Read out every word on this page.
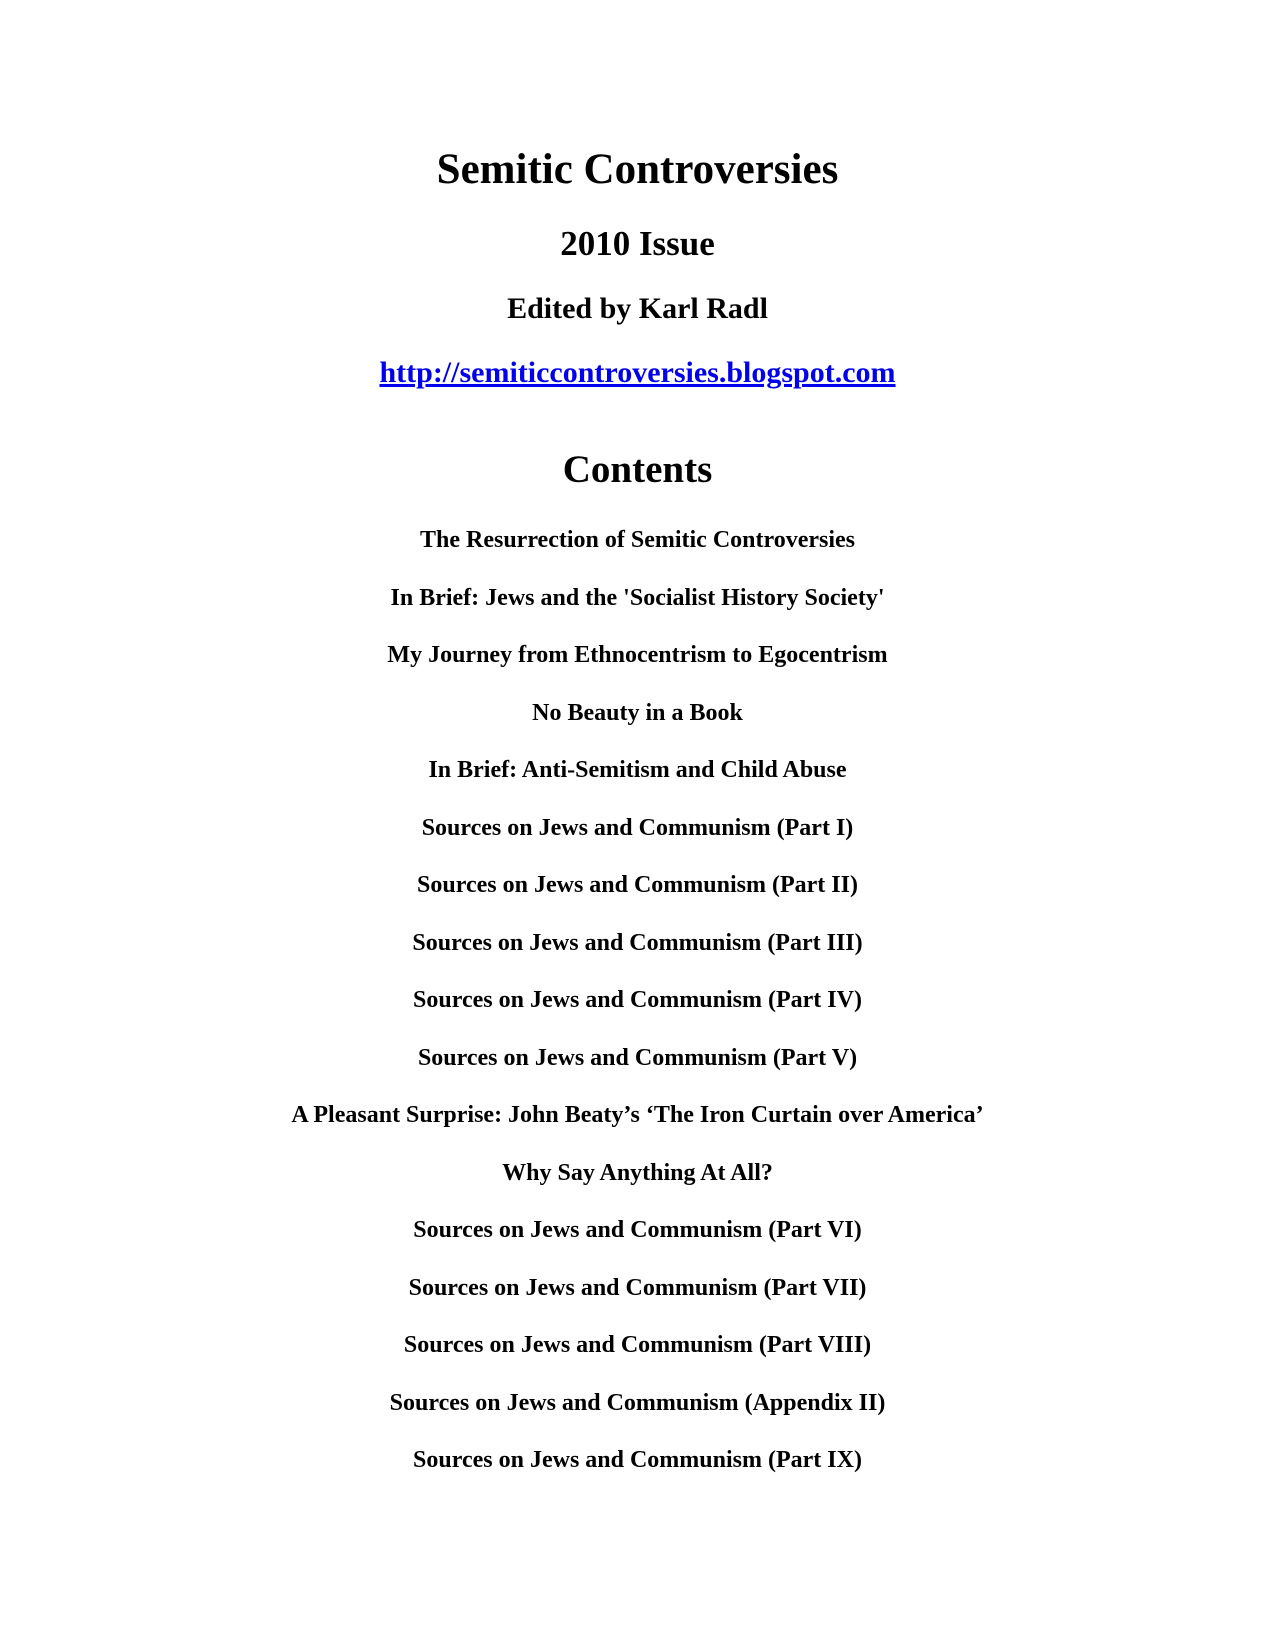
Semitic Controversies
2010 Issue
Edited by Karl Radl
http://semiticcontroversies.blogspot.com
Contents
The Resurrection of Semitic Controversies
In Brief: Jews and the 'Socialist History Society'
My Journey from Ethnocentrism to Egocentrism
No Beauty in a Book
In Brief: Anti-Semitism and Child Abuse
Sources on Jews and Communism (Part I)
Sources on Jews and Communism (Part II)
Sources on Jews and Communism (Part III)
Sources on Jews and Communism (Part IV)
Sources on Jews and Communism (Part V)
A Pleasant Surprise: John Beaty’s ‘The Iron Curtain over America’
Why Say Anything At All?
Sources on Jews and Communism (Part VI)
Sources on Jews and Communism (Part VII)
Sources on Jews and Communism (Part VIII)
Sources on Jews and Communism (Appendix II)
Sources on Jews and Communism (Part IX)
